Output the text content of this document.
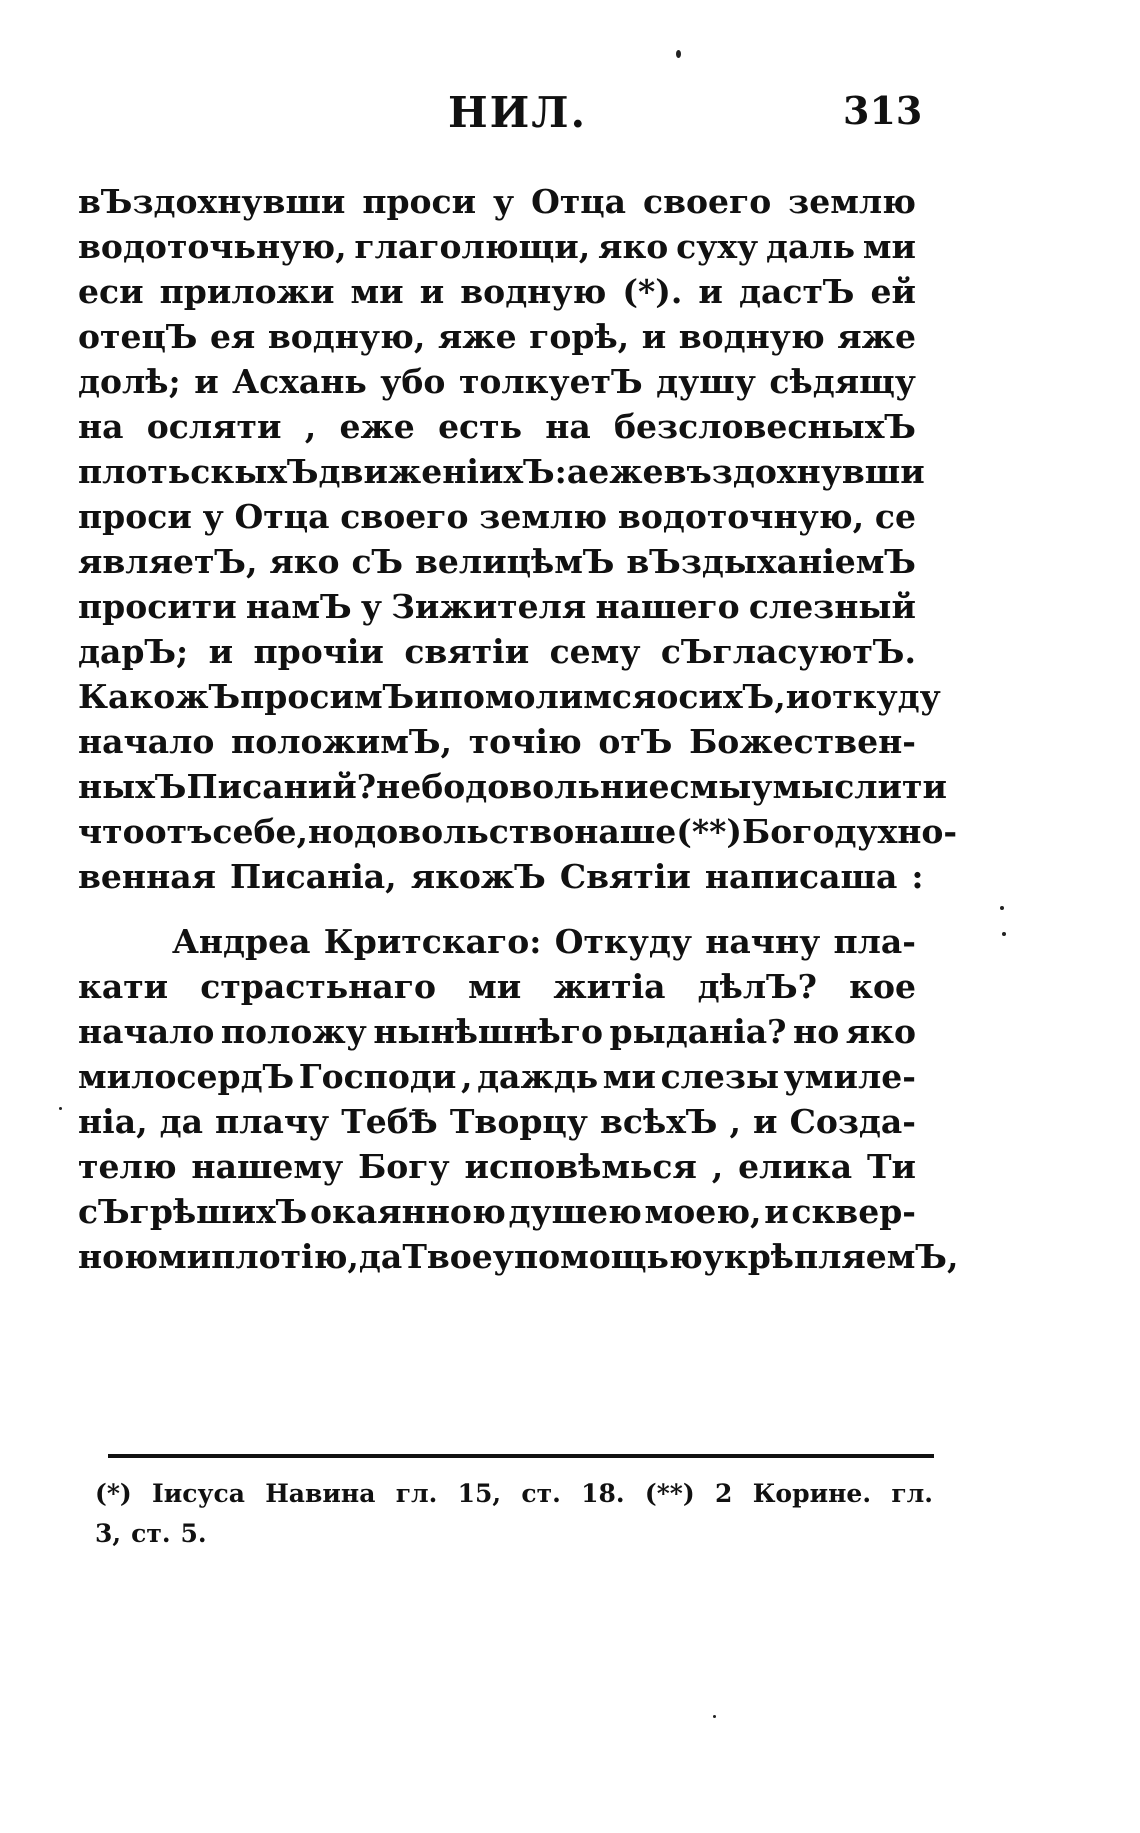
НИЛ.	313
вЪздохнувши проси у Отца своего землю
водоточьную, глаголющи, яко суху даль ми
еси приложи ми и водную (*). и дастЪ ей
отецЪ ея водную, яже горѣ, и водную яже
долѣ; и Асхань убо толкуетЪ душу сѣдящу
на осляти , еже есть на безсловесныхЪ
плотьскыхЪ движенiихЪ: а еже въздохнувши
проси у Отца своего землю водоточную, се
являетЪ, яко сЪ велицѣмЪ вЪздыханiемЪ
просити намЪ у Зижителя нашего слезный
дарЪ; и прочiи святiи сему сЪгласуютЪ.
КакожЪ просимЪ и помолимся о сихЪ, и откуду
начало положимЪ, точiю отЪ Божествен-
ныхЪ Писаний? не бо довольни есмы умыслити
что отъ себе, но довольство наше (**) Богодухно-
венная Писанiа, якожЪ Святiи написаша :
Андреа Критскаго: Откуду начну пла-
кати страстьнаго ми житiа дѣлЪ? кое
начало положу нынѣшнѣго рыданiа? но яко
милосердЪ Господи , даждь ми слезы умиле-
нiа, да плачу ТебѢ Творцу всѣхЪ , и Созда-
телю нашему Богу исповѣмься , елика Ти
сЪгрѣшихЪ окаянною душею моею, и сквер-
ною ми плотiю, да Твоеу помощью укрѣпляемЪ,
(*) Iисуса Навина гл. 15, ст. 18. (**) 2 Корине. гл.
3, ст. 5.
